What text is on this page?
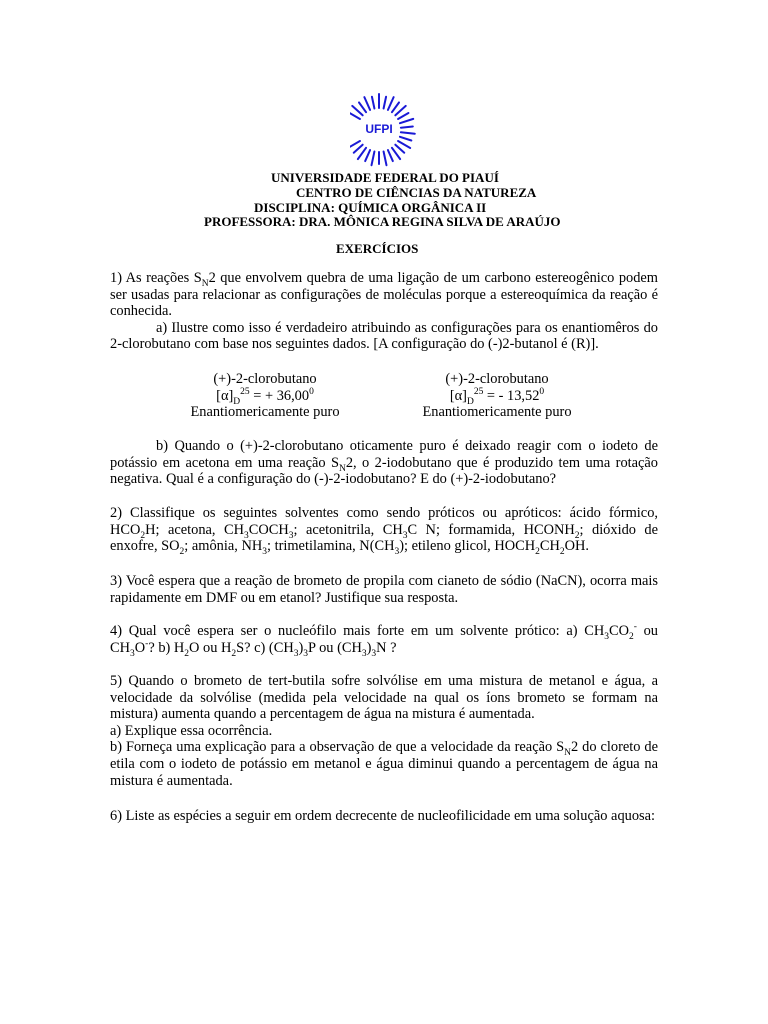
UFPI
UNIVERSIDADE FEDERAL DO PIAUÍ
CENTRO DE CIÊNCIAS DA NATUREZA
DISCIPLINA: QUÍMICA ORGÂNICA II
PROFESSORA: DRA. MÔNICA REGINA SILVA DE ARAÚJO
EXERCÍCIOS

1) As reações $S_N2$ que envolvem quebra de uma ligação de um carbono estereogênico podem ser usadas para relacionar as configurações de moléculas porque a estereoquímica da reação é conhecida.

a) Ilustre como isso é verdadeiro atribuindo as configurações para os enantiomêros do 2-clorobutano com base nos seguintes dados. [A configuração do (-)2-butanol é (R)].

(+)-2-clorobutano
$[\alpha]_D^{25}$ = + $36,00^0$
Enantiomericamente puro
(+)-2-clorobutano
$[\alpha]_D^{25}$ = - 13,52$^0$
Enantiomericamente puro

b) Quando o (+)-2-clorobutano oticamente puro é deixado reagir com o iodeto de potássio em acetona em uma reação $S_N2$, o 2-iodobutano que é produzido tem uma rotação negativa. Qual é a configuração do (-)-2-iodobutano? E do (+)-2-iodobutano?

2) Classifique os seguintes solventes como sendo próticos ou apróticos: ácido fórmico, $HCO_2H$; acetona, $CH_3COCH_3$; acetonitrila, $CH_3C$ N; formamida, $HCONH_2$; dióxido de enxofre, $SO_2$; amônia, $NH_3$; trimetilamina, $N(CH_3)$; etileno glicol, $HOCH_2CH_2OH$.

3) Você espera que a reação de brometo de propila com cianeto de sódio (NaCN), ocorra mais rapidamente em DMF ou em etanol? Justifique sua resposta.

4) Qual você espera ser o nucleófilo mais forte em um solvente prótico: a) $CH_3CO_2^-$ ou $CH_3O^-$? b) $H_2O$ ou $H_2S$? c) $(CH_3)_3P$ ou $(CH_3)_3N$ ?

5) Quando o brometo de tert-butila sofre solvólise em uma mistura de metanol e água, a velocidade da solvólise (medida pela velocidade na qual os íons brometo se formam na mistura) aumenta quando a percentagem de água na mistura é aumentada.

a) Explique essa ocorrência.

b) Forneça uma explicação para a observação de que a velocidade da reação $S_N2$ do cloreto de etila com o iodeto de potássio em metanol e água diminui quando a percentagem de água na mistura é aumentada.

6) Liste as espécies a seguir em ordem decrecente de nucleofilicidade em uma solução aquosa:
